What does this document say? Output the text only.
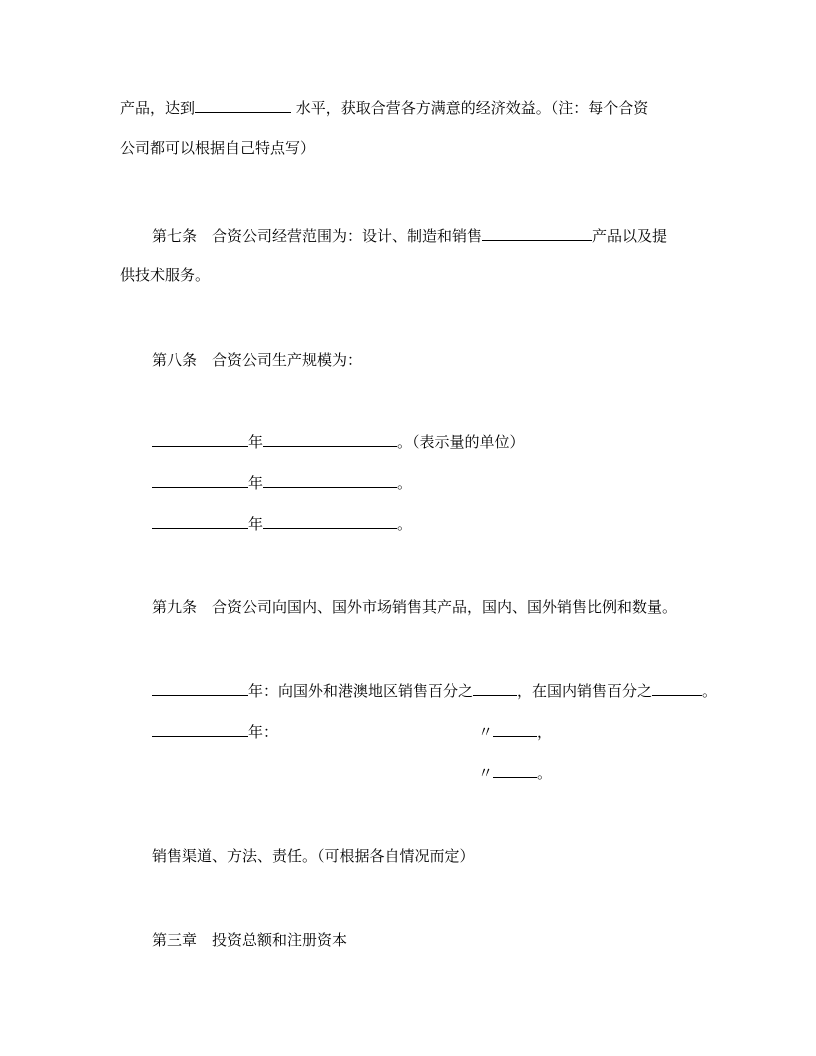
产品，达到	水平，获取合营各方满意的经济效益。（注：每个合资
公司都可以根据自己特点写）
第七条　合资公司经营范围为：设计、制造和销售	产品以及提
供技术服务。
第八条　合资公司生产规模为：
年	。（表示量的单位）
年	。
年	。
第九条　合资公司向国内、国外市场销售其产品，国内、国外销售比例和数量。
年：向国外和港澳地区销售百分之	，在国内销售百分之	。
年：	〃	，
〃	。
销售渠道、方法、责任。（可根据各自情况而定）
第三章　投资总额和注册资本
